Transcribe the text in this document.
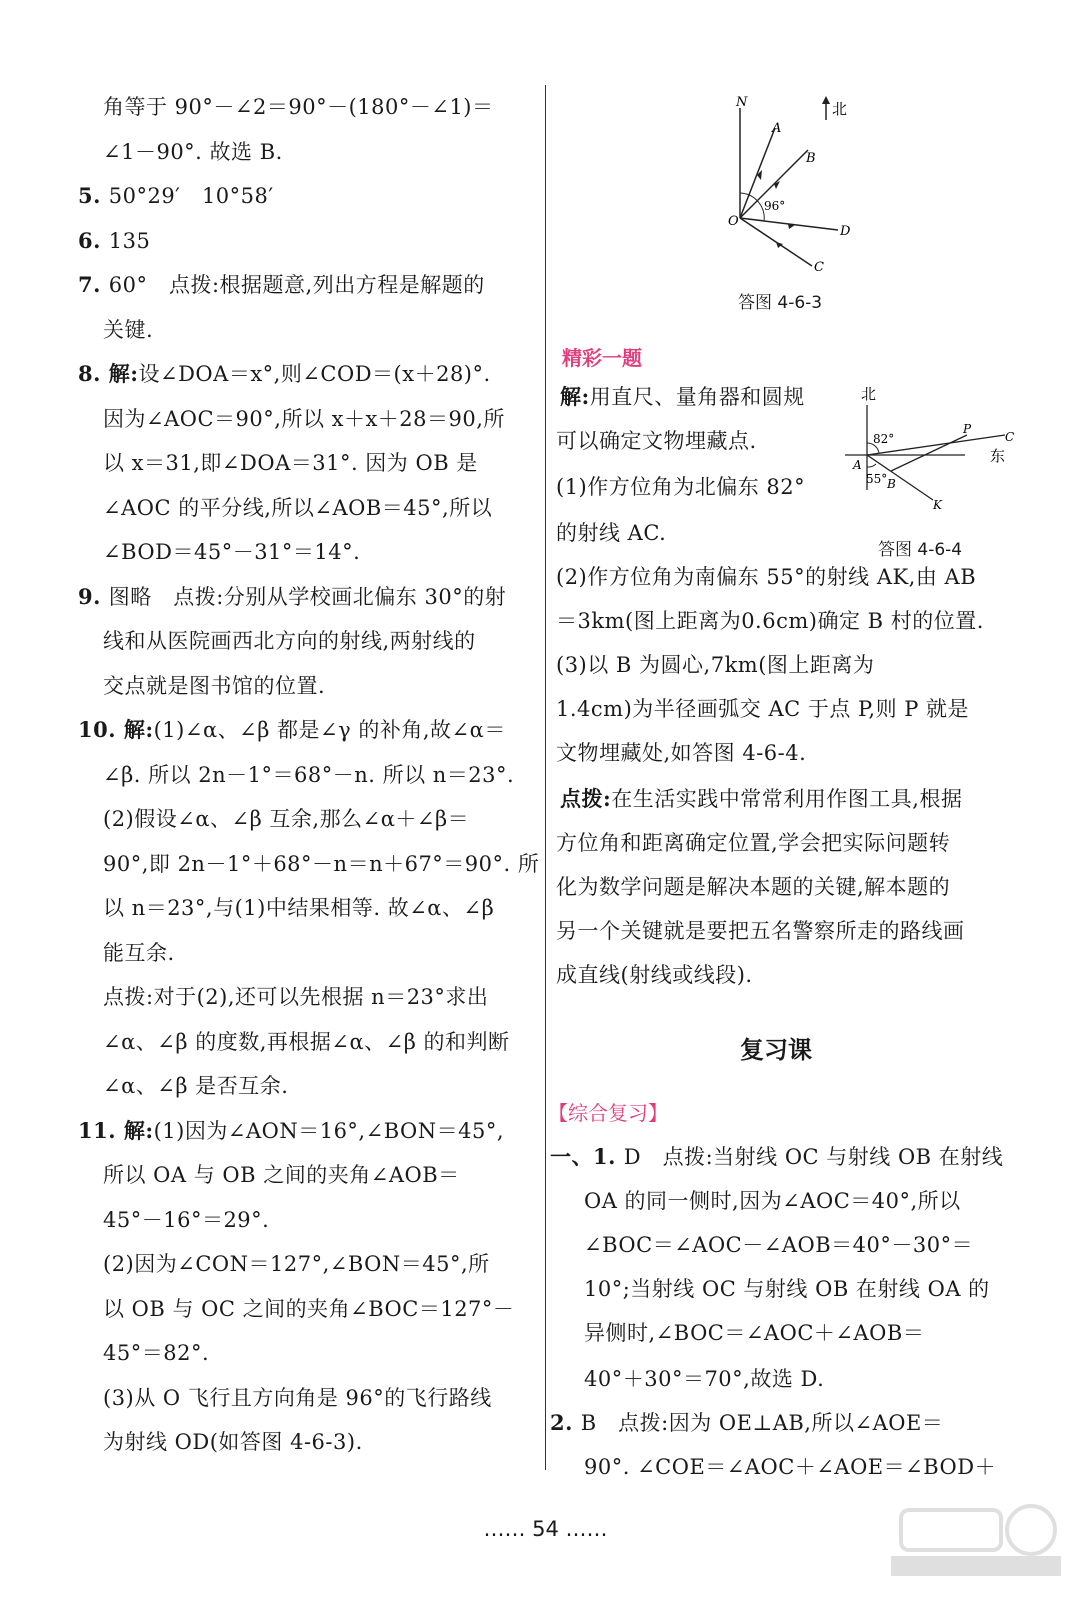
角等于 90°－∠2＝90°－(180°－∠1)＝
∠1－90°. 故选 B.
5. 50°29′　10°58′
6. 135
7. 60°　点拨:根据题意,列出方程是解题的
关键.
8. 解:设∠DOA＝x°,则∠COD＝(x＋28)°.
因为∠AOC＝90°,所以 x＋x＋28＝90,所
以 x＝31,即∠DOA＝31°. 因为 OB 是
∠AOC 的平分线,所以∠AOB＝45°,所以
∠BOD＝45°－31°＝14°.
9. 图略　点拨:分别从学校画北偏东 30°的射
线和从医院画西北方向的射线,两射线的
交点就是图书馆的位置.
10. 解:(1)∠α、∠β 都是∠γ 的补角,故∠α＝
∠β. 所以 2n－1°＝68°－n. 所以 n＝23°.
(2)假设∠α、∠β 互余,那么∠α＋∠β＝
90°,即 2n－1°＋68°－n＝n＋67°＝90°. 所
以 n＝23°,与(1)中结果相等. 故∠α、∠β
能互余.
点拨:对于(2),还可以先根据 n＝23°求出
∠α、∠β 的度数,再根据∠α、∠β 的和判断
∠α、∠β 是否互余.
11. 解:(1)因为∠AON＝16°,∠BON＝45°,
所以 OA 与 OB 之间的夹角∠AOB＝
45°－16°＝29°.
(2)因为∠CON＝127°,∠BON＝45°,所
以 OB 与 OC 之间的夹角∠BOC＝127°－
45°＝82°.
(3)从 O 飞行且方向角是 96°的飞行路线
为射线 OD(如答图 4-6-3).
N	北
A
B
O
96°
D
C
答图 4-6-3
精彩一题
北
东
A
B
P
C
K
82°
55°
答图 4-6-4
解:用直尺、量角器和圆规
可以确定文物埋藏点.
(1)作方位角为北偏东 82°
的射线 AC.
(2)作方位角为南偏东 55°的射线 AK,由 AB
＝3km(图上距离为0.6cm)确定 B 村的位置.
(3)以 B 为圆心,7km(图上距离为
1.4cm)为半径画弧交 AC 于点 P,则 P 就是
文物埋藏处,如答图 4-6-4.
点拨:在生活实践中常常利用作图工具,根据
方位角和距离确定位置,学会把实际问题转
化为数学问题是解决本题的关键,解本题的
另一个关键就是要把五名警察所走的路线画
成直线(射线或线段).
复习课
【综合复习】
一、1. D　点拨:当射线 OC 与射线 OB 在射线
OA 的同一侧时,因为∠AOC＝40°,所以
∠BOC＝∠AOC－∠AOB＝40°－30°＝
10°;当射线 OC 与射线 OB 在射线 OA 的
异侧时,∠BOC＝∠AOC＋∠AOB＝
40°＋30°＝70°,故选 D.
2. B　点拨:因为 OE⊥AB,所以∠AOE＝
90°. ∠COE＝∠AOC＋∠AOE＝∠BOD＋
…… 54 ……
